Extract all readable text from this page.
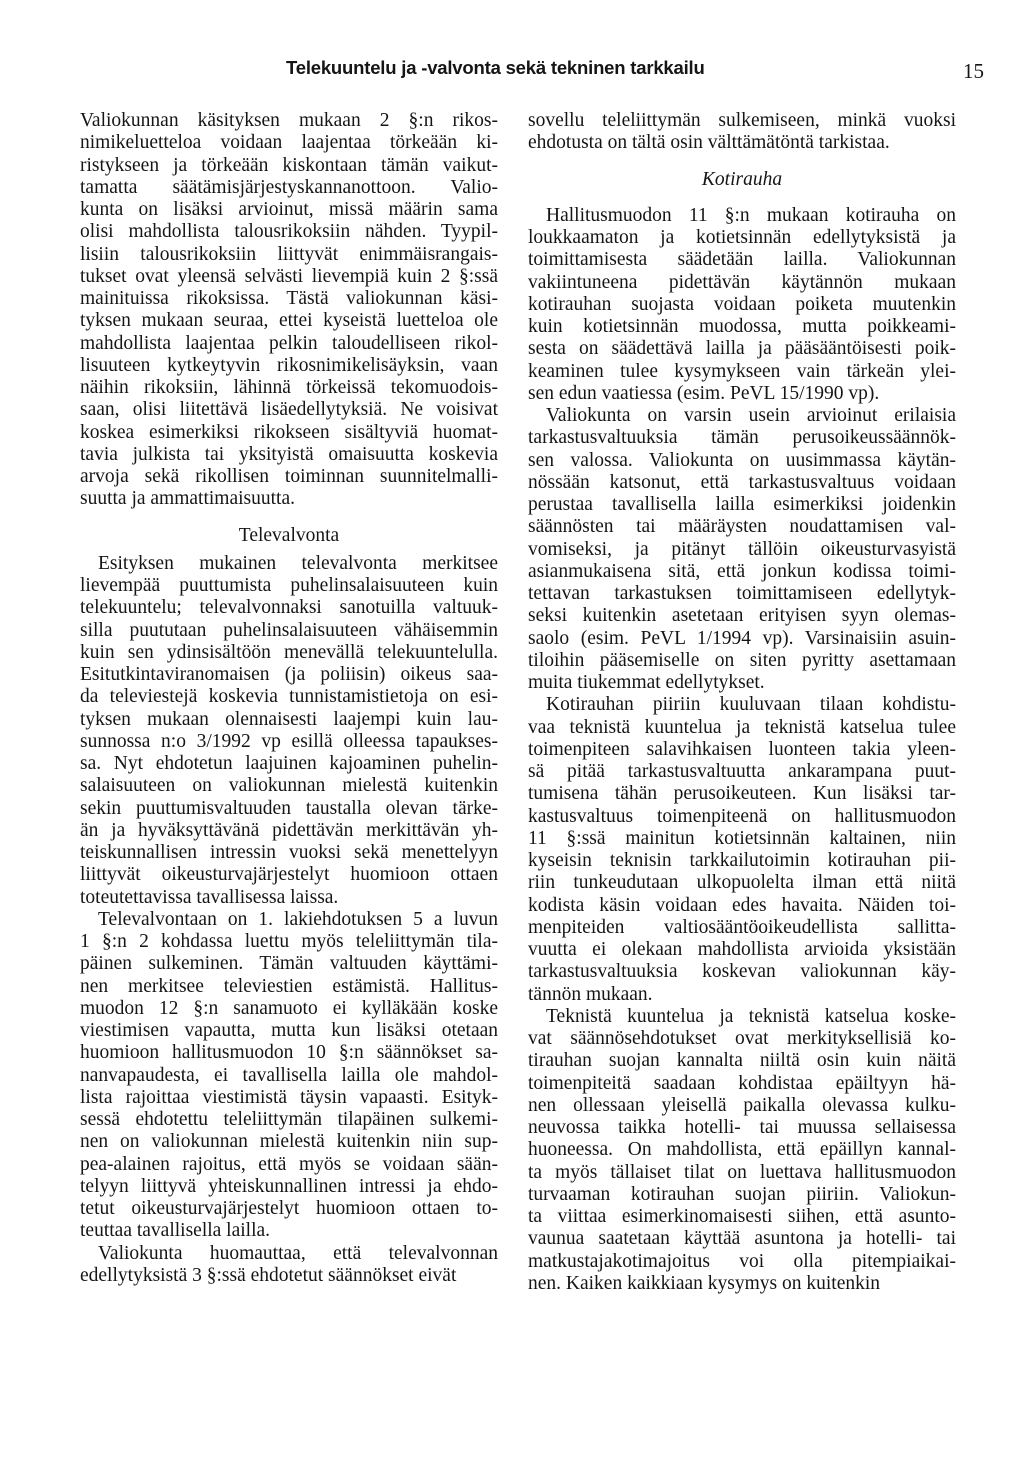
Telekuuntelu ja -valvonta sekä tekninen tarkkailu	15
Valiokunnan käsityksen mukaan 2 §:n rikos-
nimikeluetteloa voidaan laajentaa törkeään ki-
ristykseen ja törkeään kiskontaan tämän vaikut-
tamatta säätämisjärjestyskannanottoon. Valio-
kunta on lisäksi arvioinut, missä määrin sama
olisi mahdollista talousrikoksiin nähden. Tyypil-
lisiin talousrikoksiin liittyvät enimmäisrangais-
tukset ovat yleensä selvästi lievempiä kuin 2 §:ssä
mainituissa rikoksissa. Tästä valiokunnan käsi-
tyksen mukaan seuraa, ettei kyseistä luetteloa ole
mahdollista laajentaa pelkin taloudelliseen rikol-
lisuuteen kytkeytyvin rikosnimikelisäyksin, vaan
näihin rikoksiin, lähinnä törkeissä tekomuodois-
saan, olisi liitettävä lisäedellytyksiä. Ne voisivat
koskea esimerkiksi rikokseen sisältyviä huomat-
tavia julkista tai yksityistä omaisuutta koskevia
arvoja sekä rikollisen toiminnan suunnitelmalli-
suutta ja ammattimaisuutta.
Televalvonta
Esityksen mukainen televalvonta merkitsee
lievempää puuttumista puhelinsalaisuuteen kuin
telekuuntelu; televalvonnaksi sanotuilla valtuuk-
silla puututaan puhelinsalaisuuteen vähäisemmin
kuin sen ydinsisältöön menevällä telekuuntelulla.
Esitutkintaviranomaisen (ja poliisin) oikeus saa-
da televiestejä koskevia tunnistamistietoja on esi-
tyksen mukaan olennaisesti laajempi kuin lau-
sunnossa n:o 3/1992 vp esillä olleessa tapaukses-
sa. Nyt ehdotetun laajuinen kajoaminen puhelin-
salaisuuteen on valiokunnan mielestä kuitenkin
sekin puuttumisvaltuuden taustalla olevan tärke-
än ja hyväksyttävänä pidettävän merkittävän yh-
teiskunnallisen intressin vuoksi sekä menettelyyn
liittyvät oikeusturvajärjestelyt huomioon ottaen
toteutettavissa tavallisessa laissa.
Televalvontaan on 1. lakiehdotuksen 5 a luvun
1 §:n 2 kohdassa luettu myös teleliittymän tila-
päinen sulkeminen. Tämän valtuuden käyttämi-
nen merkitsee televiestien estämistä. Hallitus-
muodon 12 §:n sanamuoto ei kylläkään koske
viestimisen vapautta, mutta kun lisäksi otetaan
huomioon hallitusmuodon 10 §:n säännökset sa-
nanvapaudesta, ei tavallisella lailla ole mahdol-
lista rajoittaa viestimistä täysin vapaasti. Esityk-
sessä ehdotettu teleliittymän tilapäinen sulkemi-
nen on valiokunnan mielestä kuitenkin niin sup-
pea-alainen rajoitus, että myös se voidaan sään-
telyyn liittyvä yhteiskunnallinen intressi ja ehdo-
tetut oikeusturvajärjestelyt huomioon ottaen to-
teuttaa tavallisella lailla.
Valiokunta huomauttaa, että televalvonnan
edellytyksistä 3 §:ssä ehdotetut säännökset eivät
sovellu teleliittymän sulkemiseen, minkä vuoksi
ehdotusta on tältä osin välttämätöntä tarkistaa.
Kotirauha
Hallitusmuodon 11 §:n mukaan kotirauha on
loukkaamaton ja kotietsinnän edellytyksistä ja
toimittamisesta säädetään lailla. Valiokunnan
vakiintuneena pidettävän käytännön mukaan
kotirauhan suojasta voidaan poiketa muutenkin
kuin kotietsinnän muodossa, mutta poikkeami-
sesta on säädettävä lailla ja pääsääntöisesti poik-
keaminen tulee kysymykseen vain tärkeän ylei-
sen edun vaatiessa (esim. PeVL 15/1990 vp).
Valiokunta on varsin usein arvioinut erilaisia
tarkastusvaltuuksia tämän perusoikeussäännök-
sen valossa. Valiokunta on uusimmassa käytän-
nössään katsonut, että tarkastusvaltuus voidaan
perustaa tavallisella lailla esimerkiksi joidenkin
säännösten tai määräysten noudattamisen val-
vomiseksi, ja pitänyt tällöin oikeusturvasyistä
asianmukaisena sitä, että jonkun kodissa toimi-
tettavan tarkastuksen toimittamiseen edellytyk-
seksi kuitenkin asetetaan erityisen syyn olemas-
saolo (esim. PeVL 1/1994 vp). Varsinaisiin asuin-
tiloihin pääsemiselle on siten pyritty asettamaan
muita tiukemmat edellytykset.
Kotirauhan piiriin kuuluvaan tilaan kohdistu-
vaa teknistä kuuntelua ja teknistä katselua tulee
toimenpiteen salavihkaisen luonteen takia yleen-
sä pitää tarkastusvaltuutta ankarampana puut-
tumisena tähän perusoikeuteen. Kun lisäksi tar-
kastusvaltuus toimenpiteenä on hallitusmuodon
11 §:ssä mainitun kotietsinnän kaltainen, niin
kyseisin teknisin tarkkailutoimin kotirauhan pii-
riin tunkeudutaan ulkopuolelta ilman että niitä
kodista käsin voidaan edes havaita. Näiden toi-
menpiteiden valtiosääntöoikeudellista sallitta-
vuutta ei olekaan mahdollista arvioida yksistään
tarkastusvaltuuksia koskevan valiokunnan käy-
tännön mukaan.
Teknistä kuuntelua ja teknistä katselua koske-
vat säännösehdotukset ovat merkityksellisiä ko-
tirauhan suojan kannalta niiltä osin kuin näitä
toimenpiteitä saadaan kohdistaa epäiltyyn hä-
nen ollessaan yleisellä paikalla olevassa kulku-
neuvossa taikka hotelli- tai muussa sellaisessa
huoneessa. On mahdollista, että epäillyn kannal-
ta myös tällaiset tilat on luettava hallitusmuodon
turvaaman kotirauhan suojan piiriin. Valiokun-
ta viittaa esimerkinomaisesti siihen, että asunto-
vaunua saatetaan käyttää asuntona ja hotelli- tai
matkustajakotimajoitus voi olla pitempiaikai-
nen. Kaiken kaikkiaan kysymys on kuitenkin
